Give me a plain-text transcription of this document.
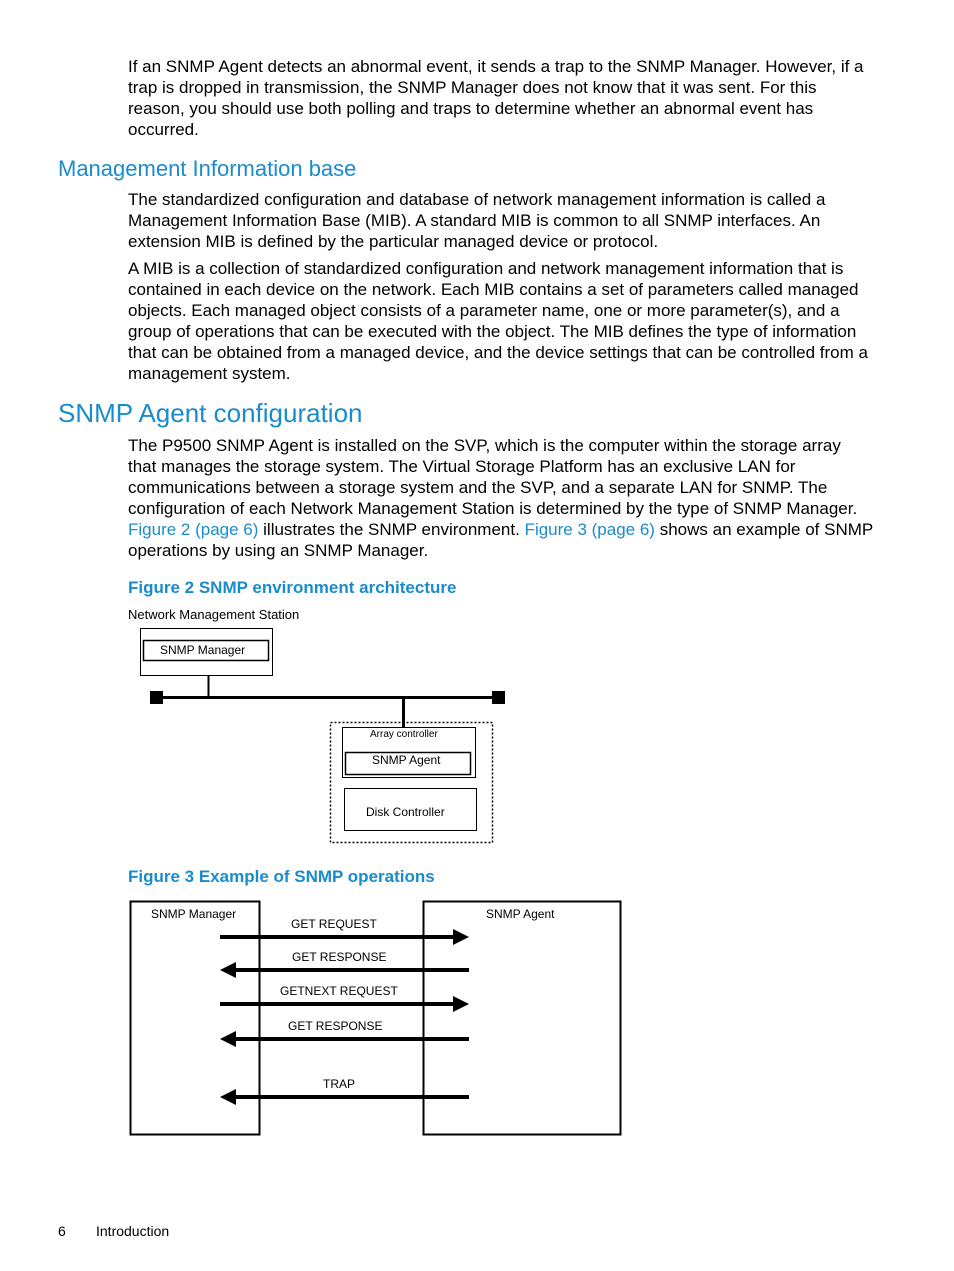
If an SNMP Agent detects an abnormal event, it sends a trap to the SNMP Manager. However, if a trap is dropped in transmission, the SNMP Manager does not know that it was sent. For this reason, you should use both polling and traps to determine whether an abnormal event has occurred.

Management Information base

The standardized configuration and database of network management information is called a Management Information Base (MIB). A standard MIB is common to all SNMP interfaces. An extension MIB is defined by the particular managed device or protocol.

A MIB is a collection of standardized configuration and network management information that is contained in each device on the network. Each MIB contains a set of parameters called managed objects. Each managed object consists of a parameter name, one or more parameter(s), and a group of operations that can be executed with the object. The MIB defines the type of information that can be obtained from a managed device, and the device settings that can be controlled from a management system.

SNMP Agent configuration

The P9500 SNMP Agent is installed on the SVP, which is the computer within the storage array that manages the storage system. The Virtual Storage Platform has an exclusive LAN for communications between a storage system and the SVP, and a separate LAN for SNMP. The configuration of each Network Management Station is determined by the type of SNMP Manager. Figure 2 (page 6) illustrates the SNMP environment. Figure 3 (page 6) shows an example of SNMP operations by using an SNMP Manager.

Figure 2 SNMP environment architecture
Network Management Station
SNMP Manager
Array controller
SNMP Agent
Disk Controller
Figure 3 Example of SNMP operations
SNMP Manager	SNMP Agent
GET REQUEST
GET RESPONSE
GETNEXT REQUEST
GET RESPONSE
TRAP
6 Introduction
